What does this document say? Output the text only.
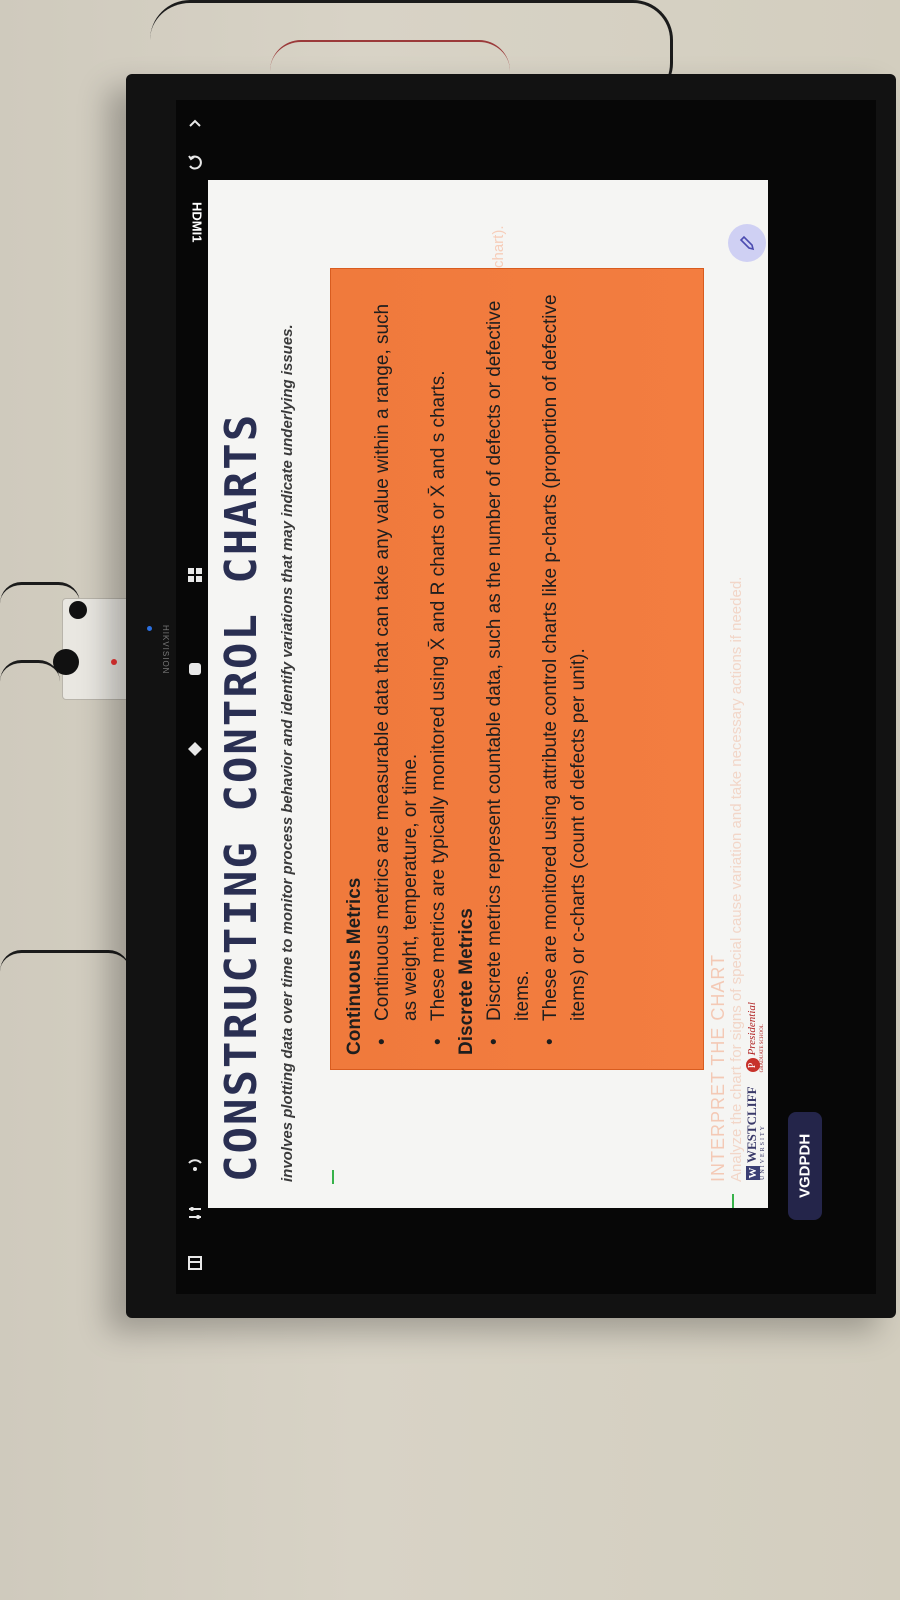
HIKVISION
HDMI1
CONSTRUCTING CONTROL CHARTS involves plotting data over time to monitor process behavior and identify variations that may indicate underlying issues.	Continuous Metrics • Continuous metrics are measurable data that can take any value within a range, such as weight, temperature, or time. • These metrics are typically monitored using X̄ and R charts or X̄ and s charts. Discrete Metrics • Discrete metrics represent countable data, such as the number of defects or defective items. • These are monitored using attribute control charts like p-charts (proportion of defective items) or c-charts (count of defects per unit).
chart).
INTERPRET THE CHART Analyze the chart for signs of special cause variation and take necessary actions if needed. WWESTCLIFF UNIVERSITY
PPresidential GRADUATE SCHOOL
VGDPDH
